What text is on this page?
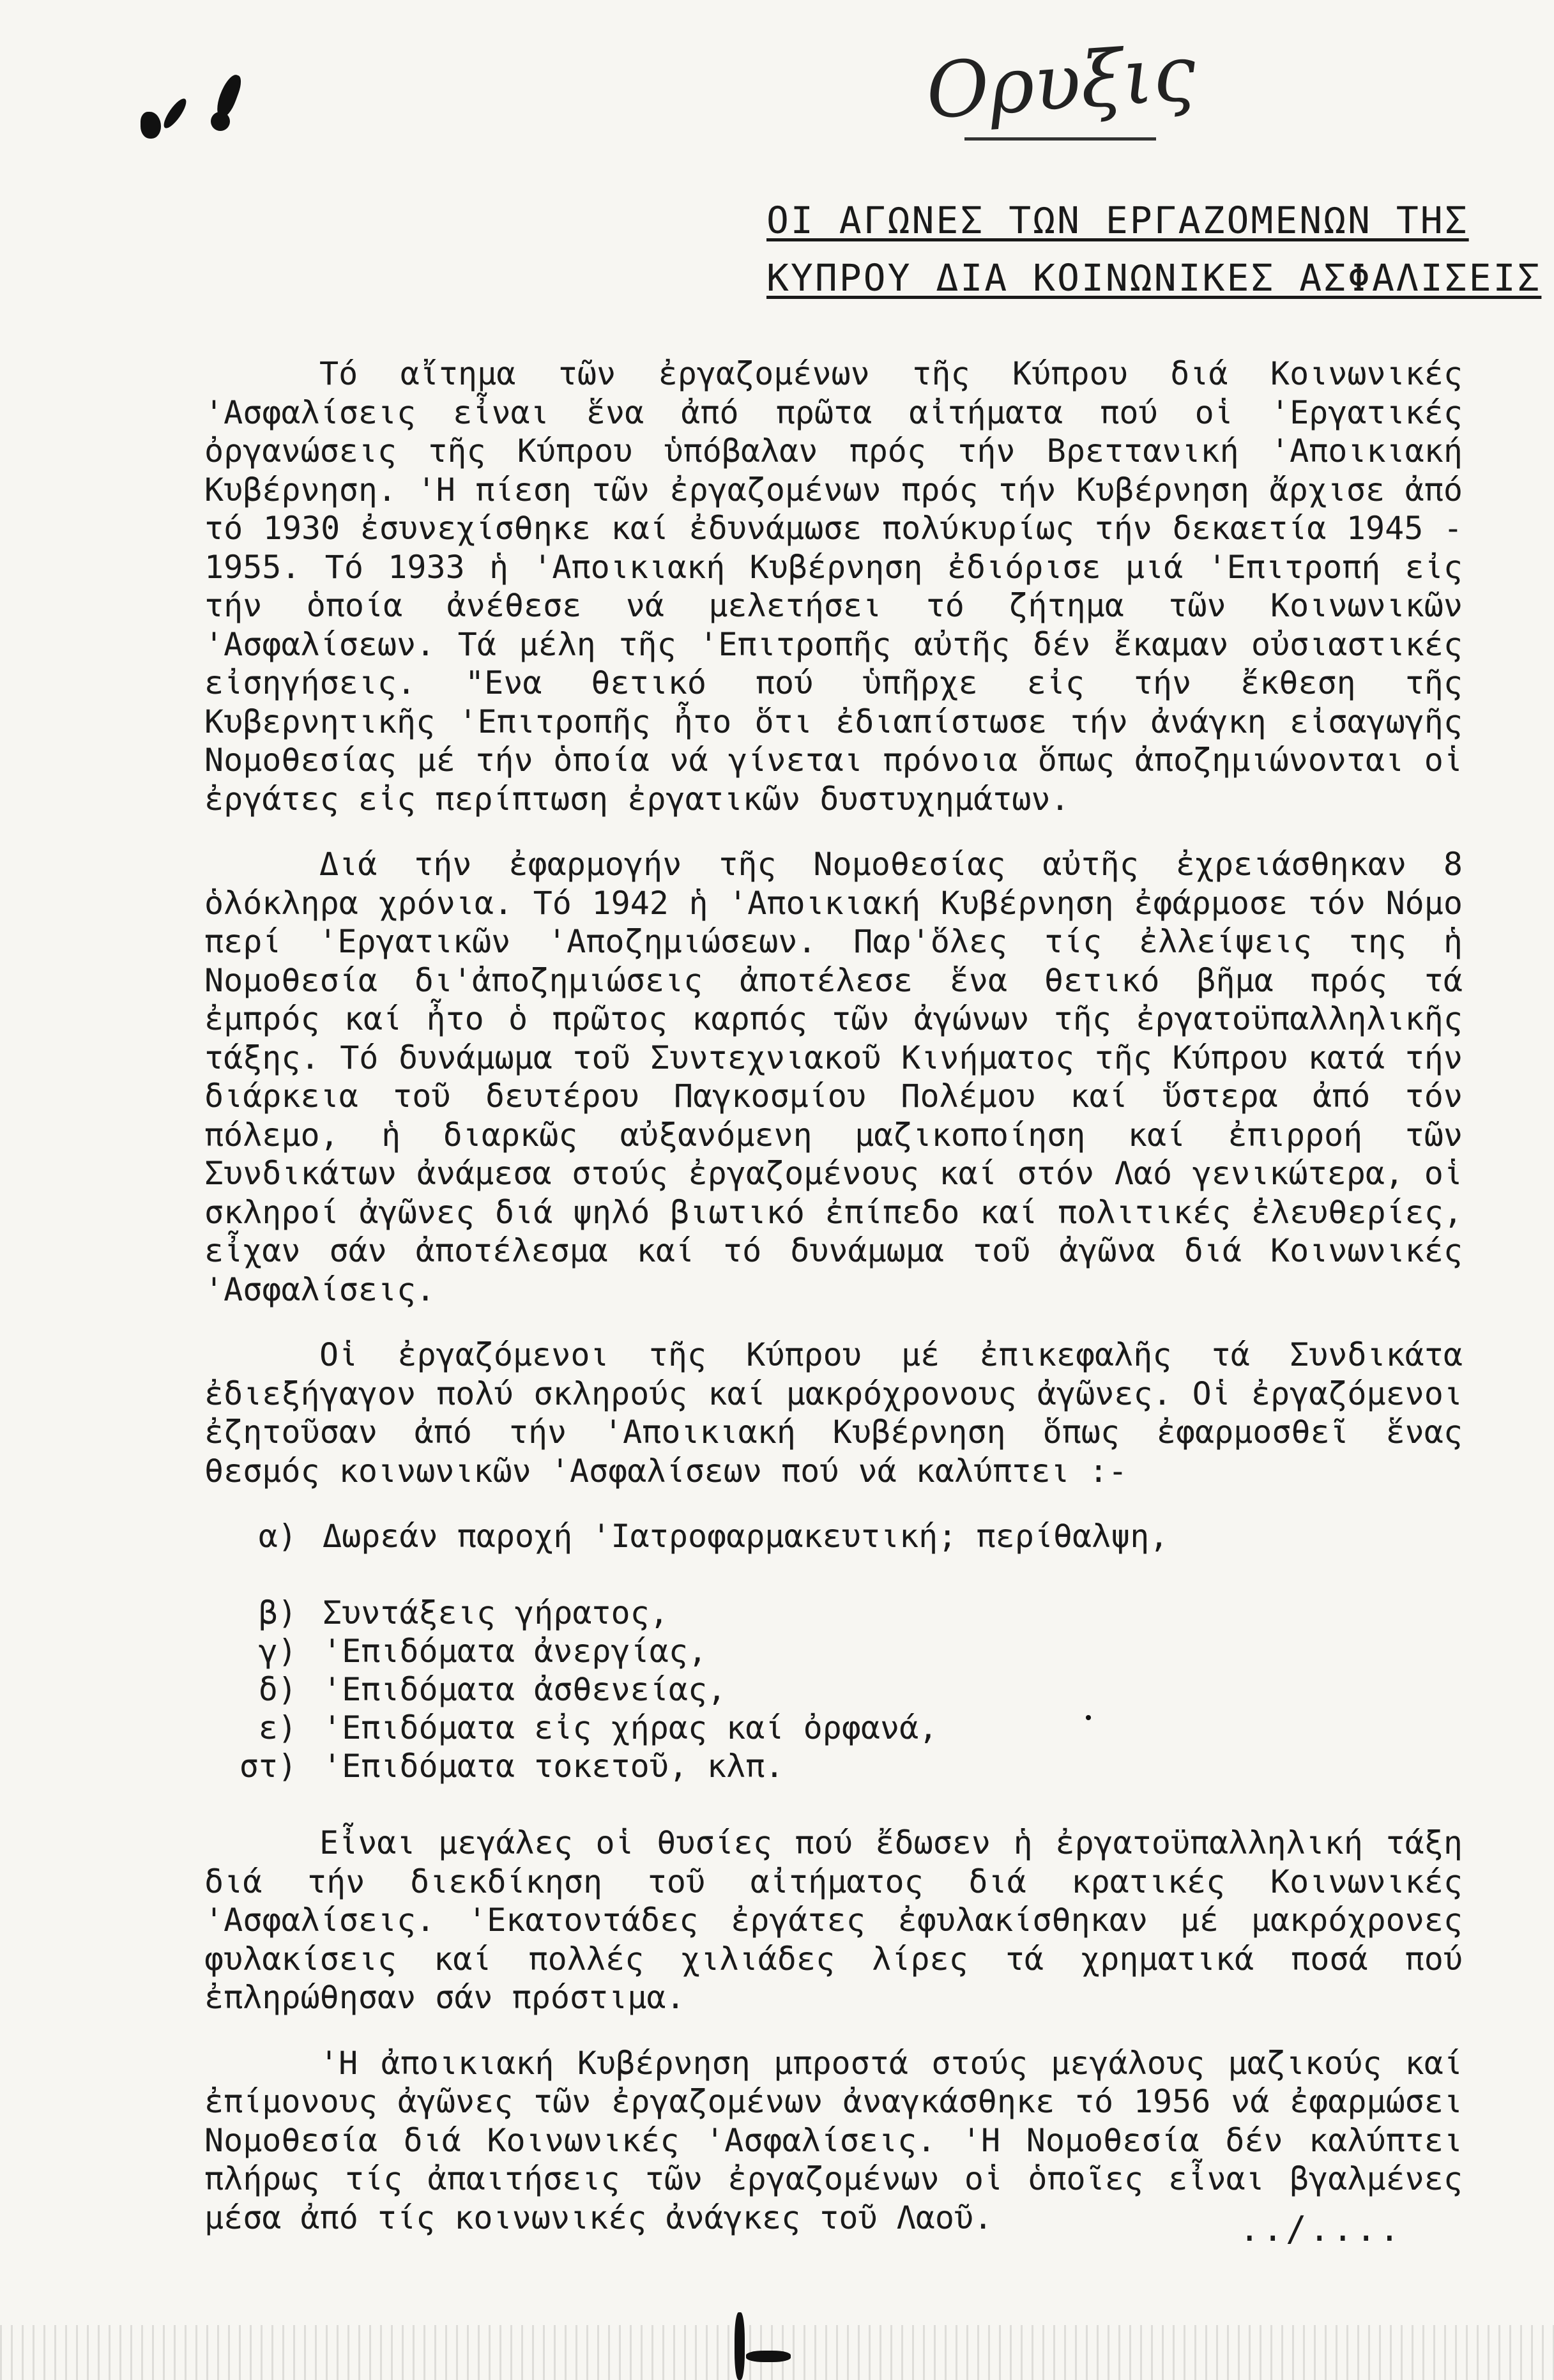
Ορυξις
ΟΙ ΑΓΩΝΕΣ ΤΩΝ ΕΡΓΑΖΟΜΕΝΩΝ ΤΗΣ
ΚΥΠΡΟΥ ΔΙΑ ΚΟΙΝΩΝΙΚΕΣ ΑΣΦΑΛΙΣΕΙΣ

Τό αἴτημα τῶν ἐργαζομένων τῆς Κύπρου διά Κοινωνικές 'Ασφαλίσεις εἶναι ἕνα ἀπό πρῶτα αἰτήματα πού οἱ 'Εργατικές ὀργανώσεις τῆς Κύπρου ὑπόβαλαν πρός τήν Βρεττανική 'Αποικιακή Κυβέρνηση. 'Η πίεση τῶν ἐργαζομένων πρός τήν Κυβέρνηση ἄρχισε ἀπό τό 1930 ἐσυνεχίσθηκε καί ἐδυνάμωσε πολύκυρίως τήν δεκαετία 1945 - 1955. Τό 1933 ἡ 'Αποικιακή Κυβέρνηση ἐδιόρισε μιά 'Επιτροπή εἰς τήν ὁποία ἀνέθεσε νά μελετήσει τό ζήτημα τῶν Κοινωνικῶν 'Ασφαλίσεων. Τά μέλη τῆς 'Επιτροπῆς αὐτῆς δέν ἔκαμαν οὐσιαστικές εἰσηγήσεις. "Ενα θετικό πού ὑπῆρχε εἰς τήν ἔκθεση τῆς Κυβερνητικῆς 'Επιτροπῆς ἦτο ὅτι ἐδιαπίστωσε τήν ἀνάγκη εἰσαγωγῆς Νομοθεσίας μέ τήν ὁποία νά γίνεται πρόνοια ὅπως ἀποζημιώνονται οἱ ἐργάτες εἰς περίπτωση ἐργατικῶν δυστυχημάτων.

Διά τήν ἐφαρμογήν τῆς Νομοθεσίας αὐτῆς ἐχρειάσθηκαν 8 ὁλόκληρα χρόνια. Τό 1942 ἡ 'Αποικιακή Κυβέρνηση ἐφάρμοσε τόν Νόμο περί 'Εργατικῶν 'Αποζημιώσεων. Παρ'ὅλες τίς ἐλλείψεις της ἡ Νομοθεσία δι'ἀποζημιώσεις ἀποτέλεσε ἕνα θετικό βῆμα πρός τά ἐμπρός καί ἦτο ὁ πρῶτος καρπός τῶν ἀγώνων τῆς ἐργατοϋπαλληλικῆς τάξης. Τό δυνάμωμα τοῦ Συντεχνιακοῦ Κινήματος τῆς Κύπρου κατά τήν διάρκεια τοῦ δευτέρου Παγκοσμίου Πολέμου καί ὕστερα ἀπό τόν πόλεμο, ἡ διαρκῶς αὐξανόμενη μαζικοποίηση καί ἐπιρροή τῶν Συνδικάτων ἀνάμεσα στούς ἐργαζομένους καί στόν Λαό γενικώτερα, οἱ σκληροί ἀγῶνες διά ψηλό βιωτικό ἐπίπεδο καί πολιτικές ἐλευθερίες, εἶχαν σάν ἀποτέλεσμα καί τό δυνάμωμα τοῦ ἀγῶνα διά Κοινωνικές 'Ασφαλίσεις.

Οἱ ἐργαζόμενοι τῆς Κύπρου μέ ἐπικεφαλῆς τά Συνδικάτα ἐδιεξήγαγον πολύ σκληρούς καί μακρόχρονους ἀγῶνες. Οἱ ἐργαζόμενοι ἐζητοῦσαν ἀπό τήν 'Αποικιακή Κυβέρνηση ὅπως ἐφαρμοσθεῖ ἕνας θεσμός κοινωνικῶν 'Ασφαλίσεων πού νά καλύπτει :-

α) Δωρεάν παροχή 'Ιατροφαρμακευτική; περίθαλψη,
β) Συντάξεις γήρατος,
γ) 'Επιδόματα ἀνεργίας,
δ) 'Επιδόματα ἀσθενείας,
ε) 'Επιδόματα εἰς χήρας καί ὀρφανά,
στ) 'Επιδόματα τοκετοῦ, κλπ.

Εἶναι μεγάλες οἱ θυσίες πού ἔδωσεν ἡ ἐργατοϋπαλληλική τάξη διά τήν διεκδίκηση τοῦ αἰτήματος διά κρατικές Κοινωνικές 'Ασφαλίσεις. 'Εκατοντάδες ἐργάτες ἐφυλακίσθηκαν μέ μακρόχρονες φυλακίσεις καί πολλές χιλιάδες λίρες τά χρηματικά ποσά πού ἐπληρώθησαν σάν πρόστιμα.

'Η ἀποικιακή Κυβέρνηση μπροστά στούς μεγάλους μαζικούς καί ἐπίμονους ἀγῶνες τῶν ἐργαζομένων ἀναγκάσθηκε τό 1956 νά ἐφαρμώσει Νομοθεσία διά Κοινωνικές 'Ασφαλίσεις. 'Η Νομοθεσία δέν καλύπτει πλήρως τίς ἀπαιτήσεις τῶν ἐργαζομένων οἱ ὁποῖες εἶναι βγαλμένες μέσα ἀπό τίς κοινωνικές ἀνάγκες τοῦ Λαοῦ.	../....
